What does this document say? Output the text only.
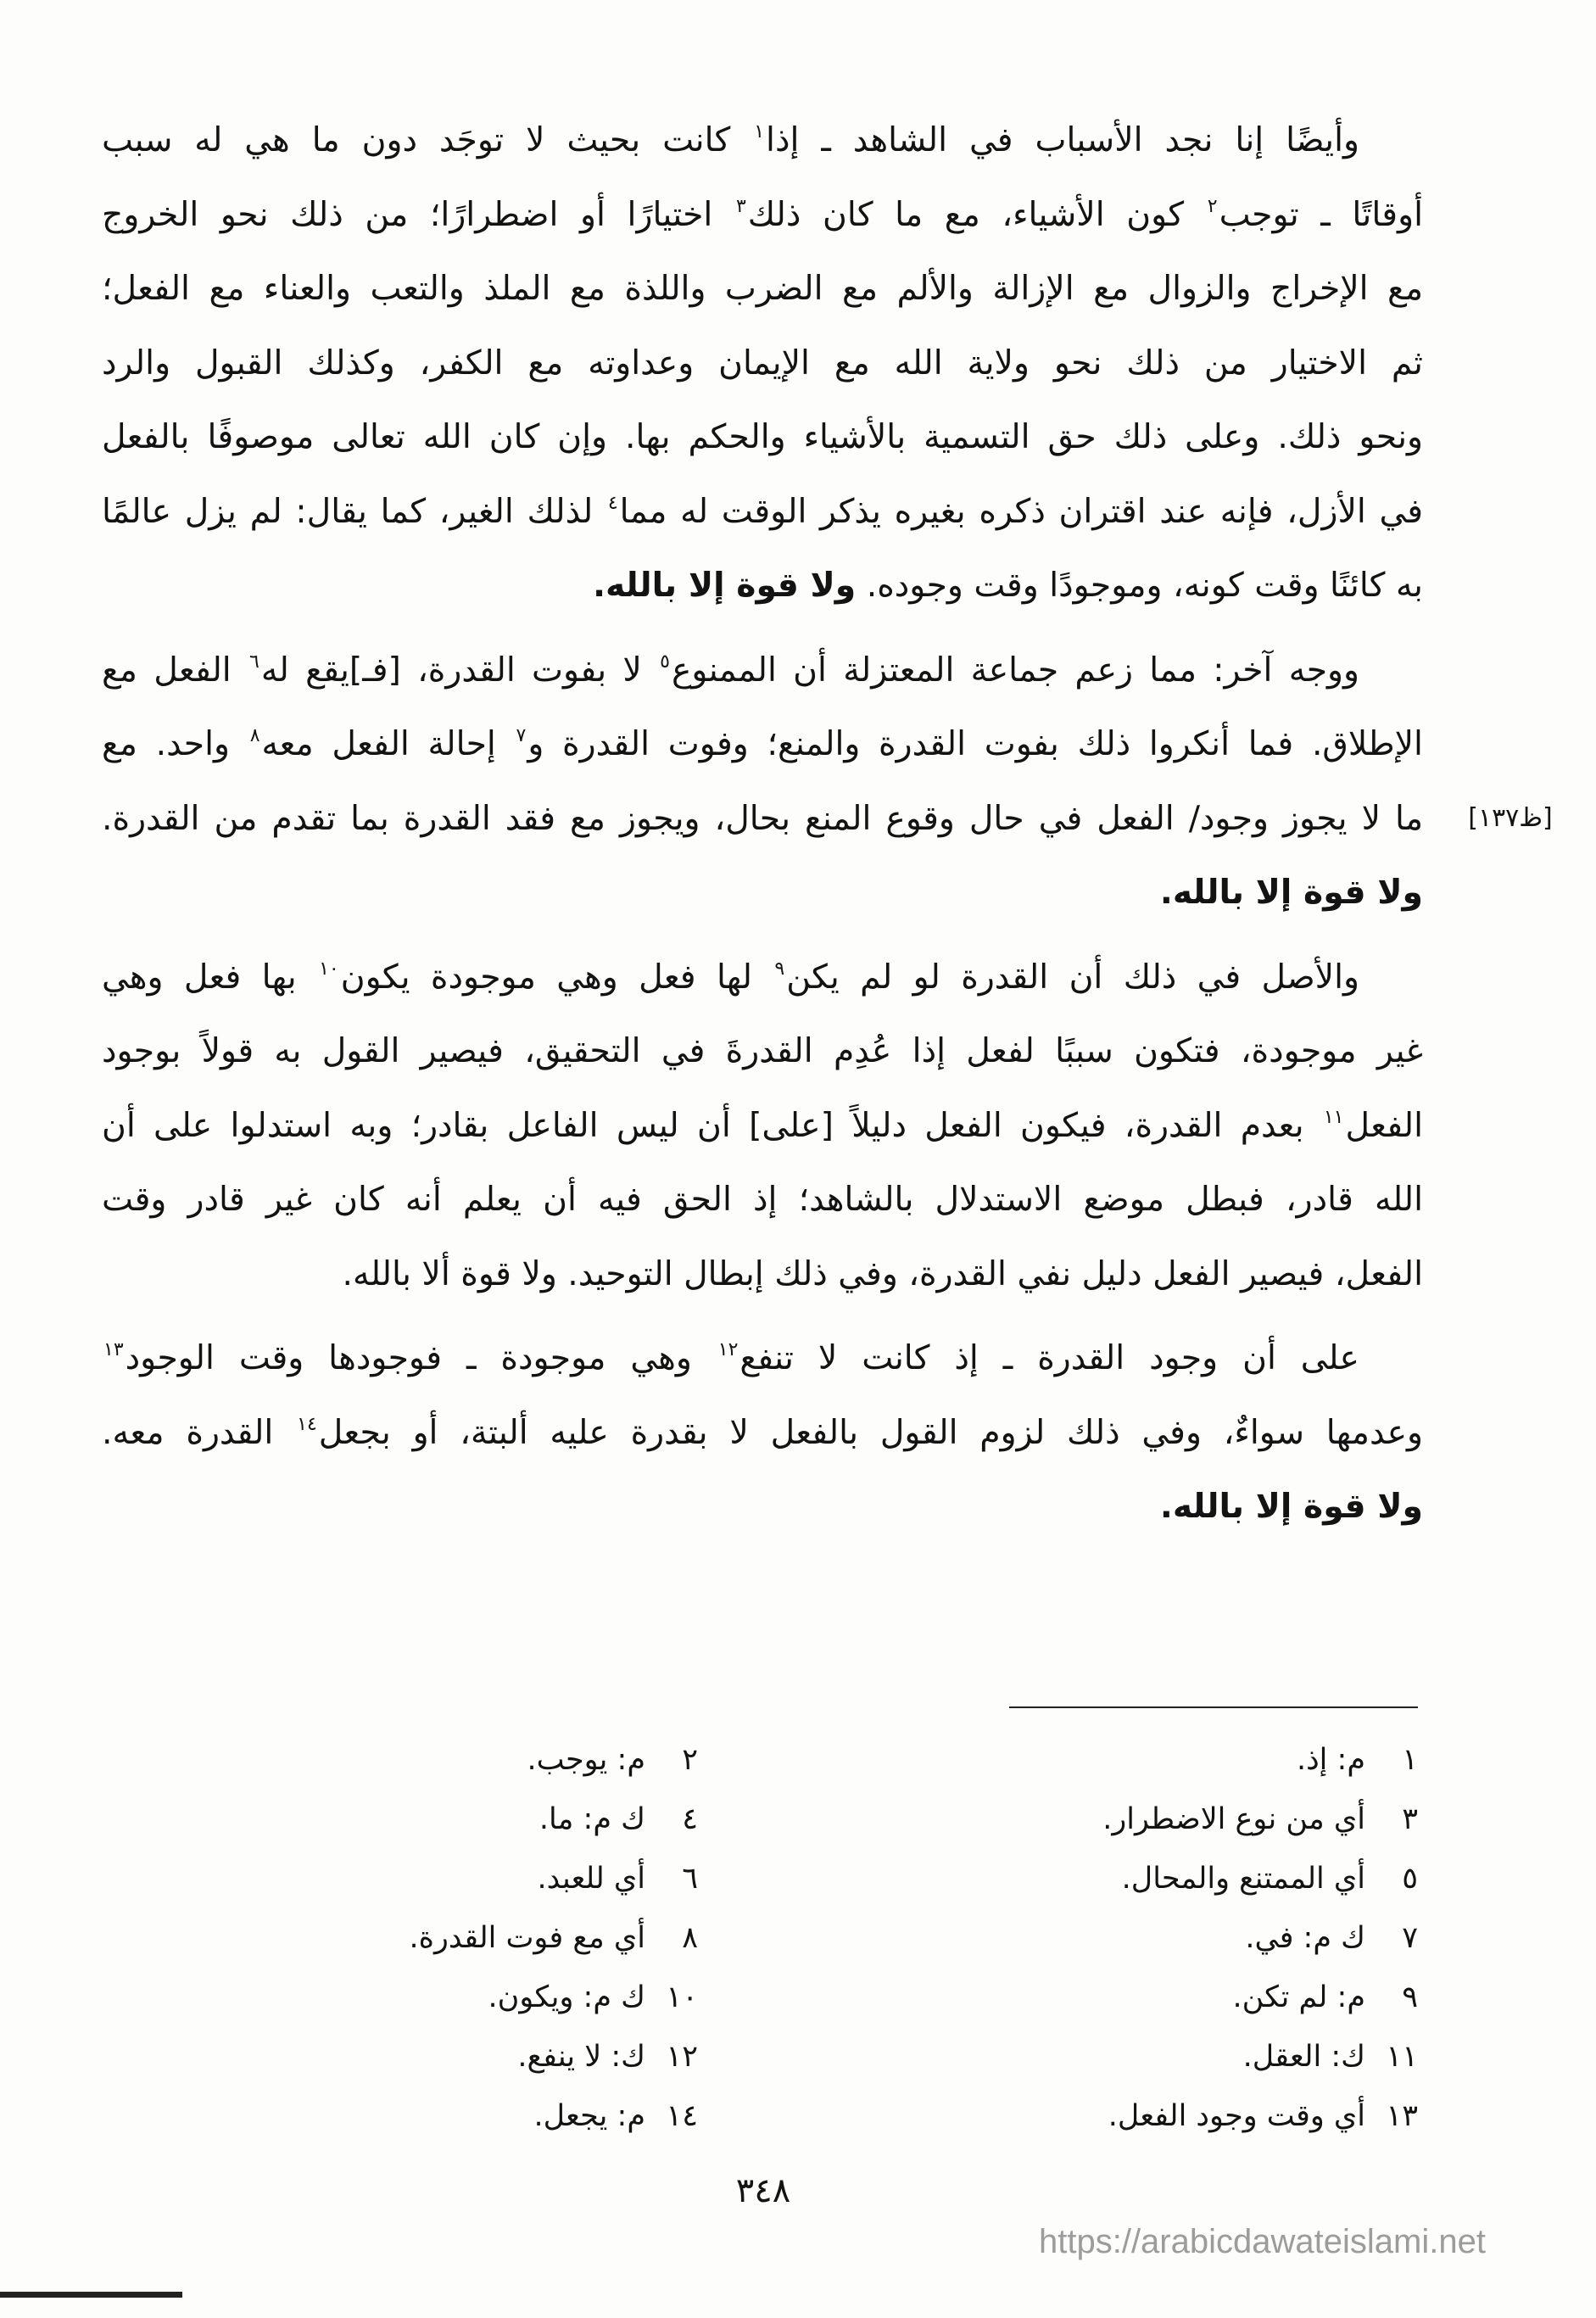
وأيضًا إنا نجد الأسباب في الشاهد ـ إذا$^١$ كانت بحيث لا توجَد دون ما هي له سبب
أوقاتًا ـ توجب$^٢$ كون الأشياء، مع ما كان ذلك$^٣$ اختيارًا أو اضطرارًا؛ من ذلك نحو الخروج
مع الإخراج والزوال مع الإزالة والألم مع الضرب واللذة مع الملذ والتعب والعناء مع الفعل؛
ثم الاختيار من ذلك نحو ولاية الله مع الإيمان وعداوته مع الكفر، وكذلك القبول والرد
ونحو ذلك. وعلى ذلك حق التسمية بالأشياء والحكم بها. وإن كان الله تعالى موصوفًا بالفعل
في الأزل، فإنه عند اقتران ذكره بغيره يذكر الوقت له مما$^٤$ لذلك الغير، كما يقال: لم يزل عالمًا
به كائنًا وقت كونه، وموجودًا وقت وجوده. ولا قوة إلا بالله.
ووجه آخر: مما زعم جماعة المعتزلة أن الممنوع$^٥$ لا بفوت القدرة، [فـ]يقع له$^٦$ الفعل مع
الإطلاق. فما أنكروا ذلك بفوت القدرة والمنع؛ وفوت القدرة و$^٧$ إحالة الفعل معه$^٨$ واحد. مع
ما لا يجوز وجود/ الفعل في حال وقوع المنع بحال، ويجوز مع فقد القدرة بما تقدم من القدرة.
ولا قوة إلا بالله.
والأصل في ذلك أن القدرة لو لم يكن$^٩$ لها فعل وهي موجودة يكون$^{١٠}$ بها فعل وهي
غير موجودة، فتكون سببًا لفعل إذا عُدِم القدرةَ في التحقيق، فيصير القول به قولاً بوجود
الفعل$^{١١}$ بعدم القدرة، فيكون الفعل دليلاً [على] أن ليس الفاعل بقادر؛ وبه استدلوا على أن
الله قادر، فبطل موضع الاستدلال بالشاهد؛ إذ الحق فيه أن يعلم أنه كان غير قادر وقت
الفعل، فيصير الفعل دليل نفي القدرة، وفي ذلك إبطال التوحيد. ولا قوة ألا بالله.
على أن وجود القدرة ـ إذ كانت لا تنفع$^{١٢}$ وهي موجودة ـ فوجودها وقت الوجود$^{١٣}$
وعدمها سواءٌ، وفي ذلك لزوم القول بالفعل لا بقدرة عليه ألبتة، أو بجعل$^{١٤}$ القدرة معه.
ولا قوة إلا بالله.
[ظ١٣٧]
١
م: إذ.
٣
أي من نوع الاضطرار.
٥
أي الممتنع والمحال.
٧
ك م: في.
٩
م: لم تكن.
١١
ك: العقل.
١٣
أي وقت وجود الفعل.
٢
م: يوجب.
٤
ك م: ما.
٦
أي للعبد.
٨
أي مع فوت القدرة.
١٠
ك م: ويكون.
١٢
ك: لا ينفع.
١٤
م: يجعل.
٣٤٨
https://arabicdawateislami.net
